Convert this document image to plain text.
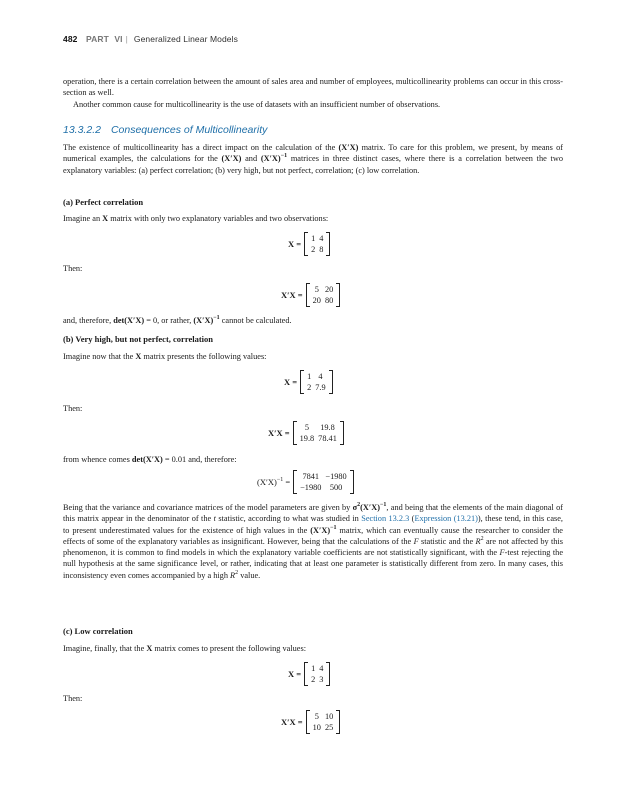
482 PART VI | Generalized Linear Models

operation, there is a certain correlation between the amount of sales area and number of employees, multicollinearity problems can occur in this cross-section as well.

Another common cause for multicollinearity is the use of datasets with an insufficient number of observations.

13.3.2.2 Consequences of Multicollinearity

The existence of multicollinearity has a direct impact on the calculation of the (X′X) matrix. To care for this problem, we present, by means of numerical examples, the calculations for the (X′X) and $(X'X)^{-1}$ matrices in three distinct cases, where there is a correlation between the two explanatory variables: (a) perfect correlation; (b) very high, but not perfect, correlation; (c) low correlation.

(a) Perfect correlation
Imagine an X matrix with only two explanatory variables and two observations:
X =
1	4
2	8
Then:
X′X =
5	20
20	80
and, therefore, det(X′X) = 0, or rather, $(X'X)^{-1}$ cannot be calculated.
(b) Very high, but not perfect, correlation
Imagine now that the X matrix presents the following values:
X =
1	4
2	7.9
Then:
X′X =
5	19.8
19.8	78.41
from whence comes det(X′X) = 0.01 and, therefore:
$(X'X)^{-1}$ =
7841	−1980
−1980	500

Being that the variance and covariance matrices of the model parameters are given by $\sigma^2(X'X)^{-1}$, and being that the elements of the main diagonal of this matrix appear in the denominator of the t statistic, according to what was studied in Section 13.2.3 (Expression (13.21)), these tend, in this case, to present underestimated values for the existence of high values in the $(X'X)^{-1}$ matrix, which can eventually cause the researcher to consider the effects of some of the explanatory variables as insignificant. However, being that the calculations of the F statistic and the $R^2$ are not affected by this phenomenon, it is common to find models in which the explanatory variable coefficients are not statistically significant, with the F-test rejecting the null hypothesis at the same significance level, or rather, indicating that at least one parameter is statistically different from zero. In many cases, this inconsistency even comes accompanied by a high $R^2$ value.

(c) Low correlation
Imagine, finally, that the X matrix comes to present the following values:
X =
1	4
2	3
Then:
X′X =
5	10
10	25
